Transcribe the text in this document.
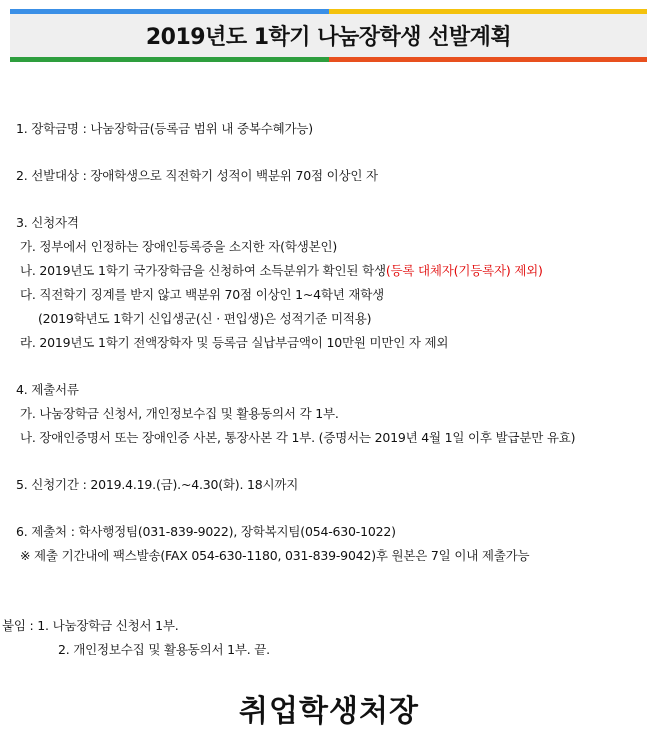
2019년도 1학기 나눔장학생 선발계획
1. 장학금명 : 나눔장학금(등록금 범위 내 중복수혜가능)
2. 선발대상 : 장애학생으로 직전학기 성적이 백분위 70점 이상인 자
3. 신청자격
가. 정부에서 인정하는 장애인등록증을 소지한 자(학생본인)
나. 2019년도 1학기 국가장학금을 신청하여 소득분위가 확인된 학생(등록 대체자(기등록자) 제외)
다. 직전학기 징계를 받지 않고 백분위 70점 이상인 1~4학년 재학생
(2019학년도 1학기 신입생군(신 · 편입생)은 성적기준 미적용)
라. 2019년도 1학기 전액장학자 및 등록금 실납부금액이 10만원 미만인 자 제외
4. 제출서류
가. 나눔장학금 신청서, 개인정보수집 및 활용동의서 각 1부.
나. 장애인증명서 또는 장애인증 사본, 통장사본 각 1부. (증명서는 2019년 4월 1일 이후 발급분만 유효)
5. 신청기간 : 2019.4.19.(금).~4.30(화). 18시까지
6. 제출처 : 학사행정팀(031-839-9022), 장학복지팀(054-630-1022)
※ 제출 기간내에 팩스발송(FAX 054-630-1180, 031-839-9042)후 원본은 7일 이내 제출가능
붙임 : 1. 나눔장학금 신청서 1부.
2. 개인정보수집 및 활용동의서 1부. 끝.
취업학생처장
